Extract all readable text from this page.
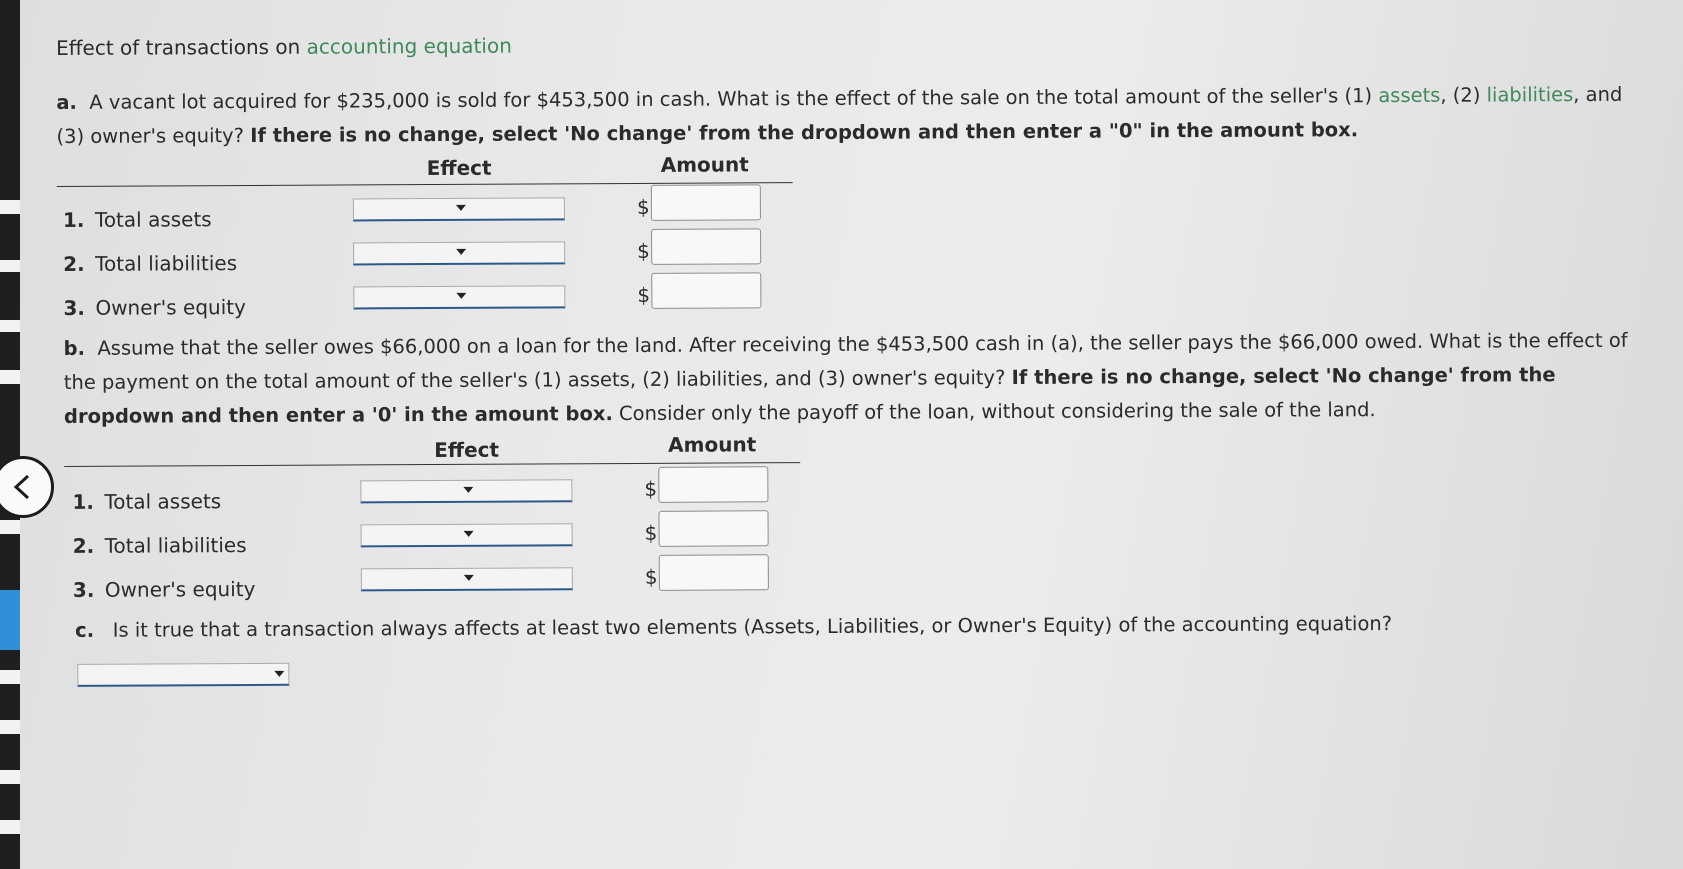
Effect of transactions on accounting equation
a. A vacant lot acquired for $235,000 is sold for $453,500 in cash. What is the effect of the sale on the total amount of the seller's (1) assets, (2) liabilities, and (3) owner's equity? If there is no change, select 'No change' from the dropdown and then enter a "0" in the amount box.
Effect	Amount
1. Total assets
$
2. Total liabilities
$
3. Owner's equity
$
b. Assume that the seller owes $66,000 on a loan for the land. After receiving the $453,500 cash in (a), the seller pays the $66,000 owed. What is the effect of the payment on the total amount of the seller's (1) assets, (2) liabilities, and (3) owner's equity? If there is no change, select 'No change' from the dropdown and then enter a '0' in the amount box. Consider only the payoff of the loan, without considering the sale of the land.
Effect	Amount
1. Total assets
$
2. Total liabilities
$
3. Owner's equity
$
c. Is it true that a transaction always affects at least two elements (Assets, Liabilities, or Owner's Equity) of the accounting equation?
